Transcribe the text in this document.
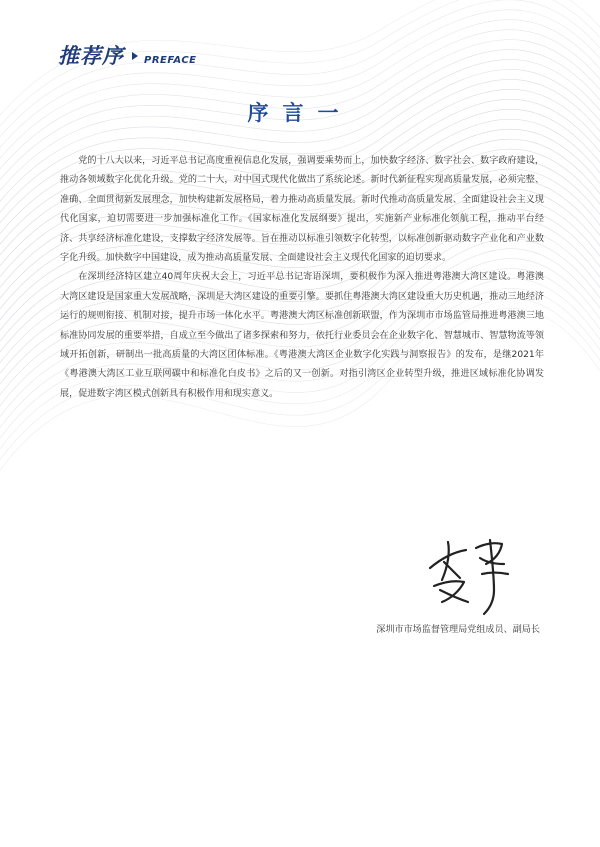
推荐序 PREFACE
序言一

党的十八大以来，习近平总书记高度重视信息化发展，强调要乘势而上，加快数字经济、数字社会、数字政府建设，推动各领域数字化优化升级。党的二十大，对中国式现代化做出了系统论述。新时代新征程实现高质量发展，必须完整、准确、全面贯彻新发展理念，加快构建新发展格局，着力推动高质量发展。新时代推动高质量发展、全面建设社会主义现代化国家，迫切需要进一步加强标准化工作。《国家标准化发展纲要》提出，实施新产业标准化领航工程，推动平台经济、共享经济标准化建设，支撑数字经济发展等。旨在推动以标准引领数字化转型，以标准创新驱动数字产业化和产业数字化升级。加快数字中国建设，成为推动高质量发展、全面建设社会主义现代化国家的迫切要求。

在深圳经济特区建立40周年庆祝大会上，习近平总书记寄语深圳，要积极作为深入推进粤港澳大湾区建设。粤港澳大湾区建设是国家重大发展战略，深圳是大湾区建设的重要引擎。要抓住粤港澳大湾区建设重大历史机遇，推动三地经济运行的规则衔接、机制对接，提升市场一体化水平。粤港澳大湾区标准创新联盟，作为深圳市市场监管局推进粤港澳三地标准协同发展的重要举措，自成立至今做出了诸多探索和努力，依托行业委员会在企业数字化、智慧城市、智慧物流等领域开拓创新，研制出一批高质量的大湾区团体标准。《粤港澳大湾区企业数字化实践与洞察报告》的发布，是继2021年《粤港澳大湾区工业互联网碳中和标准化白皮书》之后的又一创新。对指引湾区企业转型升级，推进区域标准化协调发展，促进数字湾区模式创新具有积极作用和现实意义。

深圳市市场监督管理局党组成员、副局长
